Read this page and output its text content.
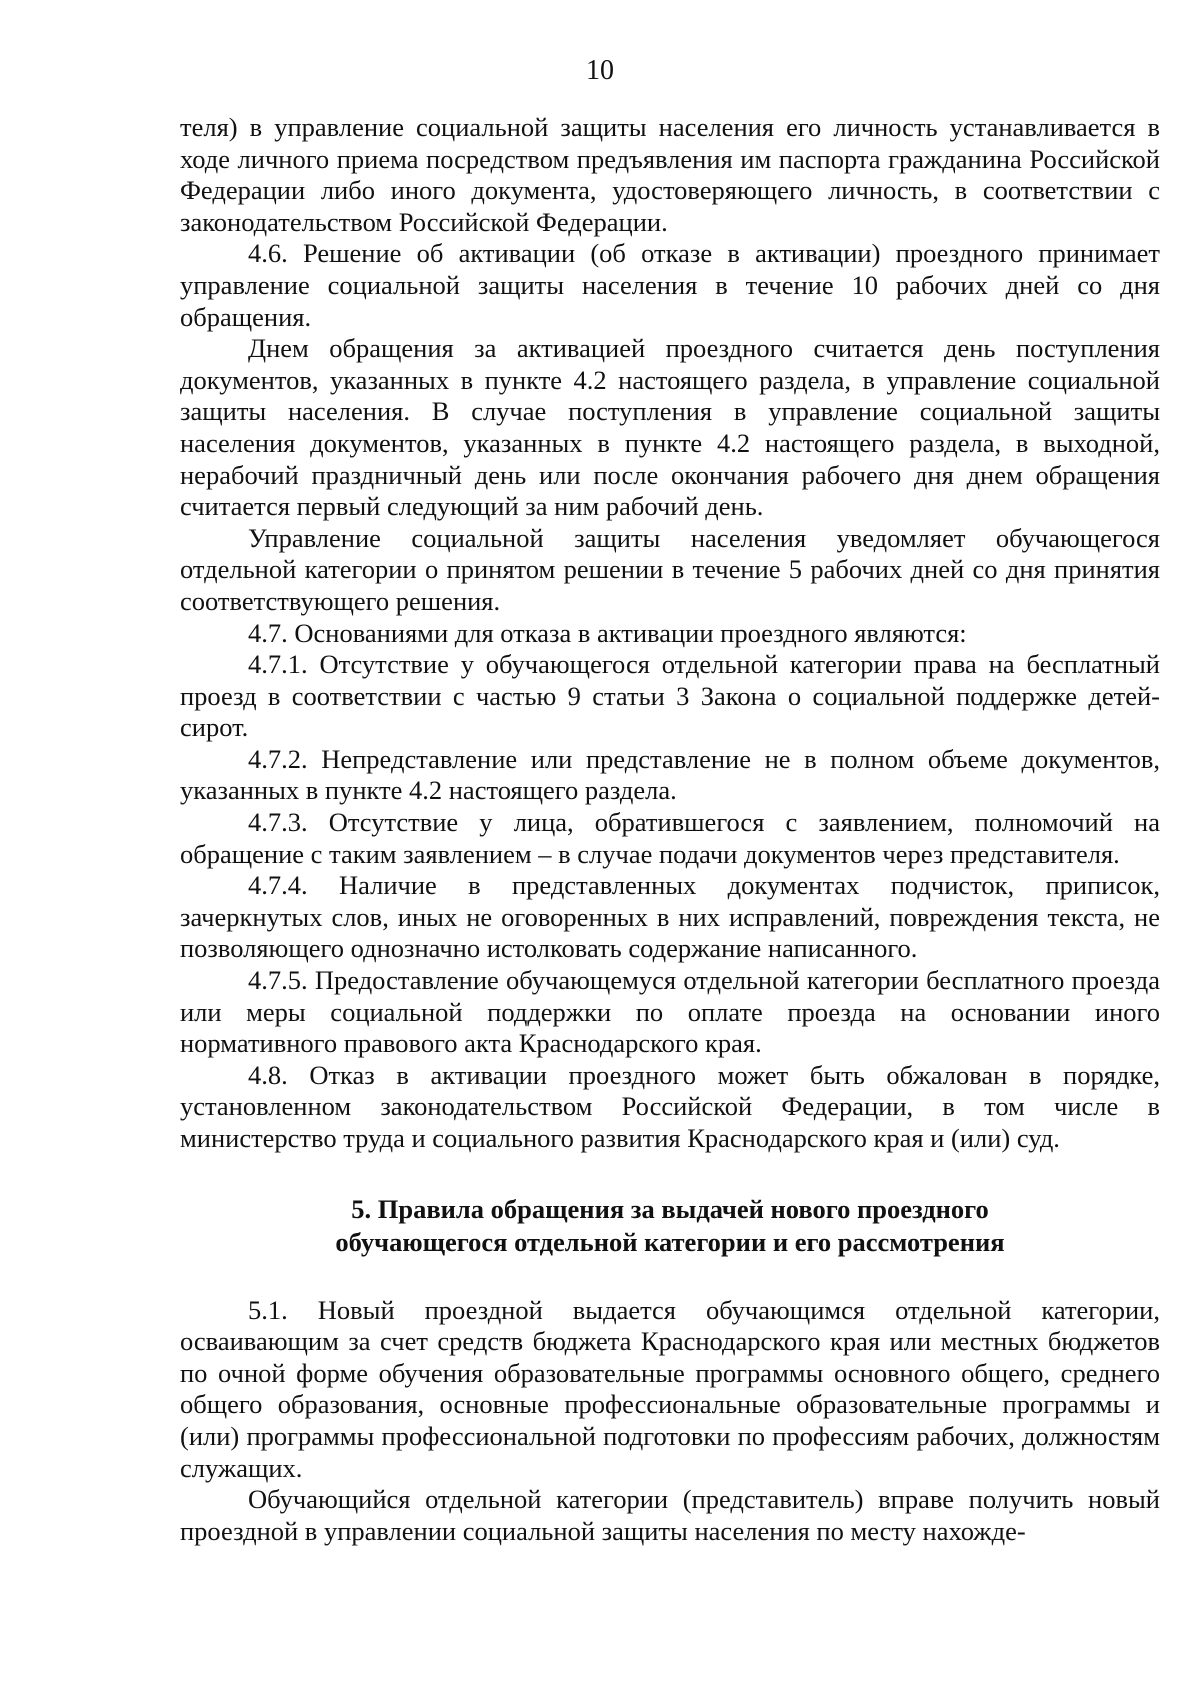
10

теля) в управление социальной защиты населения его личность устанавливается в ходе личного приема посредством предъявления им паспорта гражданина Российской Федерации либо иного документа, удостоверяющего личность, в соответствии с законодательством Российской Федерации.

4.6. Решение об активации (об отказе в активации) проездного принимает управление социальной защиты населения в течение 10 рабочих дней со дня обращения.

Днем обращения за активацией проездного считается день поступления документов, указанных в пункте 4.2 настоящего раздела, в управление социальной защиты населения. В случае поступления в управление социальной защиты населения документов, указанных в пункте 4.2 настоящего раздела, в выходной, нерабочий праздничный день или после окончания рабочего дня днем обращения считается первый следующий за ним рабочий день.

Управление социальной защиты населения уведомляет обучающегося отдельной категории о принятом решении в течение 5 рабочих дней со дня принятия соответствующего решения.

4.7. Основаниями для отказа в активации проездного являются:

4.7.1. Отсутствие у обучающегося отдельной категории права на бесплатный проезд в соответствии с частью 9 статьи 3 Закона о социальной поддержке детей-сирот.

4.7.2. Непредставление или представление не в полном объеме документов, указанных в пункте 4.2 настоящего раздела.

4.7.3. Отсутствие у лица, обратившегося с заявлением, полномочий на обращение с таким заявлением – в случае подачи документов через представителя.

4.7.4. Наличие в представленных документах подчисток, приписок, зачеркнутых слов, иных не оговоренных в них исправлений, повреждения текста, не позволяющего однозначно истолковать содержание написанного.

4.7.5. Предоставление обучающемуся отдельной категории бесплатного проезда или меры социальной поддержки по оплате проезда на основании иного нормативного правового акта Краснодарского края.

4.8. Отказ в активации проездного может быть обжалован в порядке, установленном законодательством Российской Федерации, в том числе в министерство труда и социального развития Краснодарского края и (или) суд.

5. Правила обращения за выдачей нового проездного
обучающегося отдельной категории и его рассмотрения

5.1. Новый проездной выдается обучающимся отдельной категории, осваивающим за счет средств бюджета Краснодарского края или местных бюджетов по очной форме обучения образовательные программы основного общего, среднего общего образования, основные профессиональные образовательные программы и (или) программы профессиональной подготовки по профессиям рабочих, должностям служащих.

Обучающийся отдельной категории (представитель) вправе получить новый проездной в управлении социальной защиты населения по месту нахожде-
